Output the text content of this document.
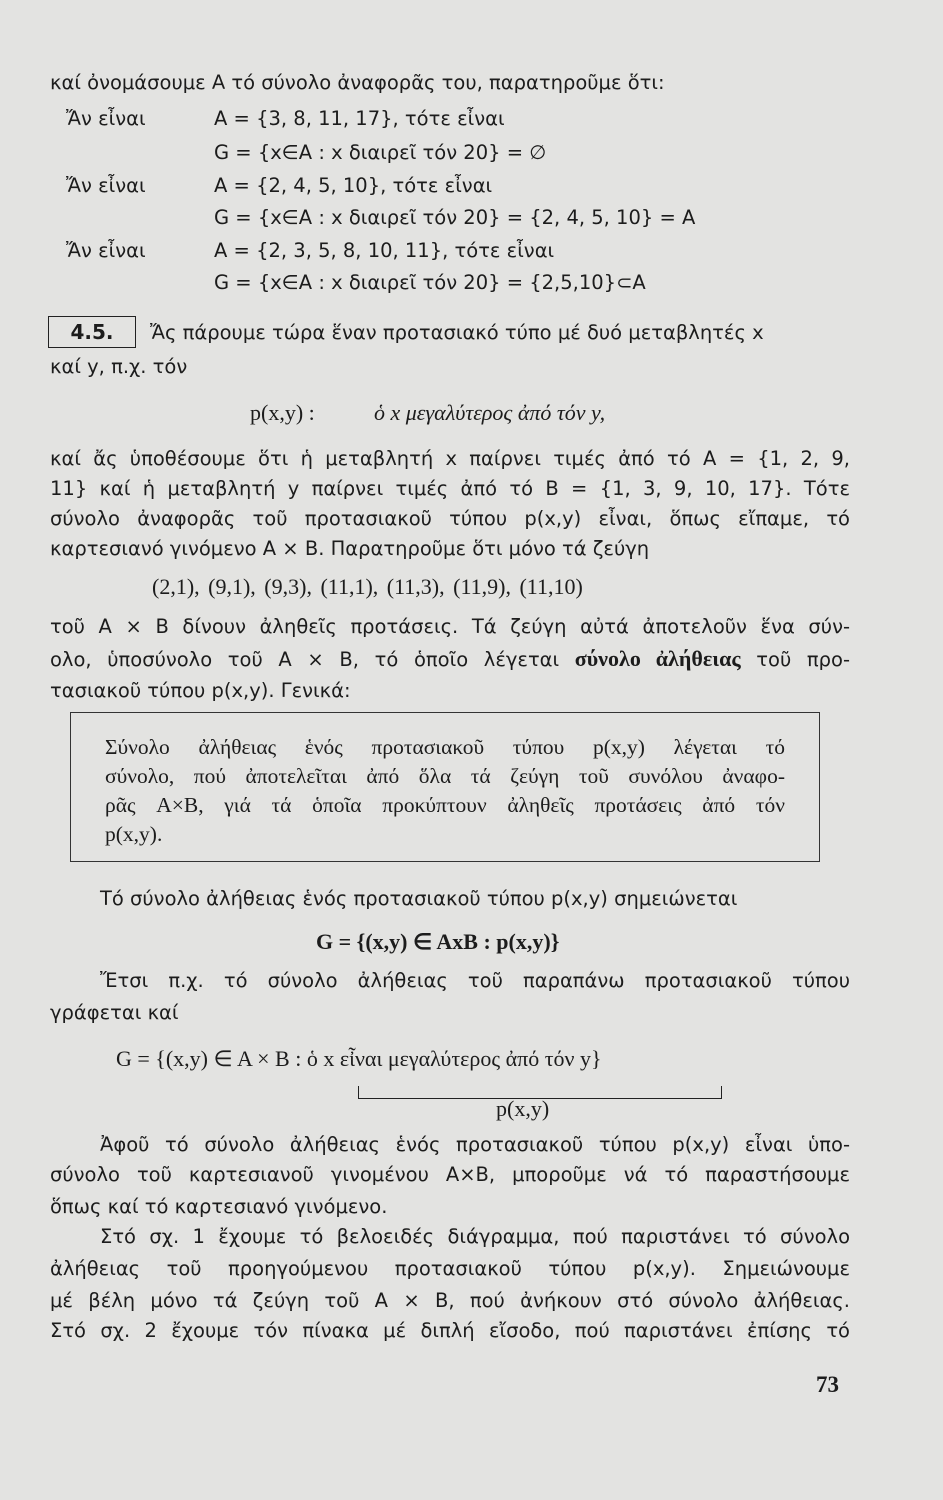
καί ὀνομάσουμε Α τό σύνολο ἀναφορᾶς του, παρατηροῦμε ὅτι:
Ἄν εἶναι	A = {3, 8, 11, 17}, τότε εἶναι
G = {x∈A : x διαιρεῖ τόν 20} = ∅
Ἄν εἶναι	A = {2, 4, 5, 10}, τότε εἶναι
G = {x∈A : x διαιρεῖ τόν 20} = {2, 4, 5, 10} = A
Ἄν εἶναι	A = {2, 3, 5, 8, 10, 11}, τότε εἶναι
G = {x∈A : x διαιρεῖ τόν 20} = {2,5,10}⊂A
4.5.	Ἄς πάρουμε τώρα ἕναν προτασιακό τύπο μέ δυό μεταβλητές x
καί y, π.χ. τόν
p(x,y) :	ὁ x μεγαλύτερος ἀπό τόν y,
καί ἄς ὑποθέσουμε ὅτι ἡ μεταβλητή x παίρνει τιμές ἀπό τό A = {1, 2, 9,
11} καί ἡ μεταβλητή y παίρνει τιμές ἀπό τό B = {1, 3, 9, 10, 17}. Τότε
σύνολο ἀναφορᾶς τοῦ προτασιακοῦ τύπου p(x,y) εἶναι, ὅπως εἴπαμε, τό
καρτεσιανό γινόμενο A × B. Παρατηροῦμε ὅτι μόνο τά ζεύγη
(2,1), (9,1), (9,3), (11,1), (11,3), (11,9), (11,10)
τοῦ A × B δίνουν ἀληθεῖς προτάσεις. Τά ζεύγη αὐτά ἀποτελοῦν ἕνα σύν-
ολο, ὑποσύνολο τοῦ A × B, τό ὁποῖο λέγεται σύνολο ἀλήθειας τοῦ προ-
τασιακοῦ τύπου p(x,y). Γενικά:
Σύνολο ἀλήθειας ἑνός προτασιακοῦ τύπου p(x,y) λέγεται τό
σύνολο, πού ἀποτελεῖται ἀπό ὅλα τά ζεύγη τοῦ συνόλου ἀναφο-
ρᾶς A×B, γιά τά ὁποῖα προκύπτουν ἀληθεῖς προτάσεις ἀπό τόν
p(x,y).
Τό σύνολο ἀλήθειας ἑνός προτασιακοῦ τύπου p(x,y) σημειώνεται
G = {(x,y) ∈ AxB : p(x,y)}
Ἔτσι π.χ. τό σύνολο ἀλήθειας τοῦ παραπάνω προτασιακοῦ τύπου
γράφεται καί
G = {(x,y) ∈ A × B : ὁ x εἶναι μεγαλύτερος ἀπό τόν y}
p(x,y)
Ἀφοῦ τό σύνολο ἀλήθειας ἑνός προτασιακοῦ τύπου p(x,y) εἶναι ὑπο-
σύνολο τοῦ καρτεσιανοῦ γινομένου A×B, μποροῦμε νά τό παραστήσουμε
ὅπως καί τό καρτεσιανό γινόμενο.
Στό σχ. 1 ἔχουμε τό βελοειδές διάγραμμα, πού παριστάνει τό σύνολο
ἀλήθειας τοῦ προηγούμενου προτασιακοῦ τύπου p(x,y). Σημειώνουμε
μέ βέλη μόνο τά ζεύγη τοῦ A × B, πού ἀνήκουν στό σύνολο ἀλήθειας.
Στό σχ. 2 ἔχουμε τόν πίνακα μέ διπλή εἴσοδο, πού παριστάνει ἐπίσης τό
73
